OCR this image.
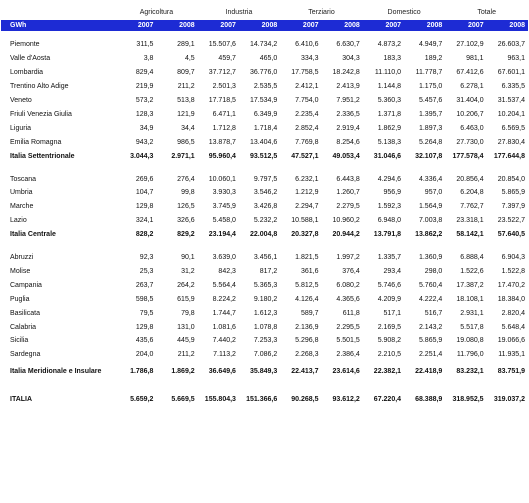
	Agricoltura		Industria		Terziario		Domestico		Totale	
GWh	2007	2008	2007	2008	2007	2008	2007	2008	2007	2008

Piemonte	311,5	289,1	15.507,6	14.734,2	6.410,6	6.630,7	4.873,2	4.949,7	27.102,9	26.603,7
Valle d'Aosta	3,8	4,5	459,7	465,0	334,3	304,3	183,3	189,2	981,1	963,1
Lombardia	829,4	809,7	37.712,7	36.776,0	17.758,5	18.242,8	11.110,0	11.778,7	67.412,6	67.601,1
Trentino Alto Adige	219,9	211,2	2.501,3	2.535,5	2.412,1	2.413,9	1.144,8	1.175,0	6.278,1	6.335,5
Veneto	573,2	513,8	17.718,5	17.534,9	7.754,0	7.951,2	5.360,3	5.457,6	31.404,0	31.537,4
Friuli Venezia Giulia	128,3	121,9	6.471,1	6.349,9	2.235,4	2.336,5	1.371,8	1.395,7	10.206,7	10.204,1
Liguria	34,9	34,4	1.712,8	1.718,4	2.852,4	2.919,4	1.862,9	1.897,3	6.463,0	6.569,5
Emilia Romagna	943,2	986,5	13.878,7	13.404,6	7.769,8	8.254,6	5.138,3	5.264,8	27.730,0	27.830,4
Italia Settentrionale	3.044,3	2.971,1	95.960,4	93.512,5	47.527,1	49.053,4	31.046,6	32.107,8	177.578,4	177.644,8

Toscana	269,6	276,4	10.060,1	9.797,5	6.232,1	6.443,8	4.294,6	4.336,4	20.856,4	20.854,0
Umbria	104,7	99,8	3.930,3	3.546,2	1.212,9	1.260,7	956,9	957,0	6.204,8	5.865,9
Marche	129,8	126,5	3.745,9	3.426,8	2.294,7	2.279,5	1.592,3	1.564,9	7.762,7	7.397,9
Lazio	324,1	326,6	5.458,0	5.232,2	10.588,1	10.960,2	6.948,0	7.003,8	23.318,1	23.522,7
Italia Centrale	828,2	829,2	23.194,4	22.004,8	20.327,8	20.944,2	13.791,8	13.862,2	58.142,1	57.640,5

Abruzzi	92,3	90,1	3.639,0	3.456,1	1.821,5	1.997,2	1.335,7	1.360,9	6.888,4	6.904,3
Molise	25,3	31,2	842,3	817,2	361,6	376,4	293,4	298,0	1.522,6	1.522,8
Campania	263,7	264,2	5.564,4	5.365,3	5.812,5	6.080,2	5.746,6	5.760,4	17.387,2	17.470,2
Puglia	598,5	615,9	8.224,2	9.180,2	4.126,4	4.365,6	4.209,9	4.222,4	18.108,1	18.384,0
Basilicata	79,5	79,8	1.744,7	1.612,3	589,7	611,8	517,1	516,7	2.931,1	2.820,4
Calabria	129,8	131,0	1.081,6	1.078,8	2.136,9	2.295,5	2.169,5	2.143,2	5.517,8	5.648,4
Sicilia	435,6	445,9	7.440,2	7.253,3	5.296,8	5.501,5	5.908,2	5.865,9	19.080,8	19.066,6
Sardegna	204,0	211,2	7.113,2	7.086,2	2.268,3	2.386,4	2.210,5	2.251,4	11.796,0	11.935,1
Italia Meridionale e Insulare	1.786,8	1.869,2	36.649,6	35.849,3	22.413,7	23.614,6	22.382,1	22.418,9	83.232,1	83.751,9

ITALIA	5.659,2	5.669,5	155.804,3	151.366,6	90.268,5	93.612,2	67.220,4	68.388,9	318.952,5	319.037,2
